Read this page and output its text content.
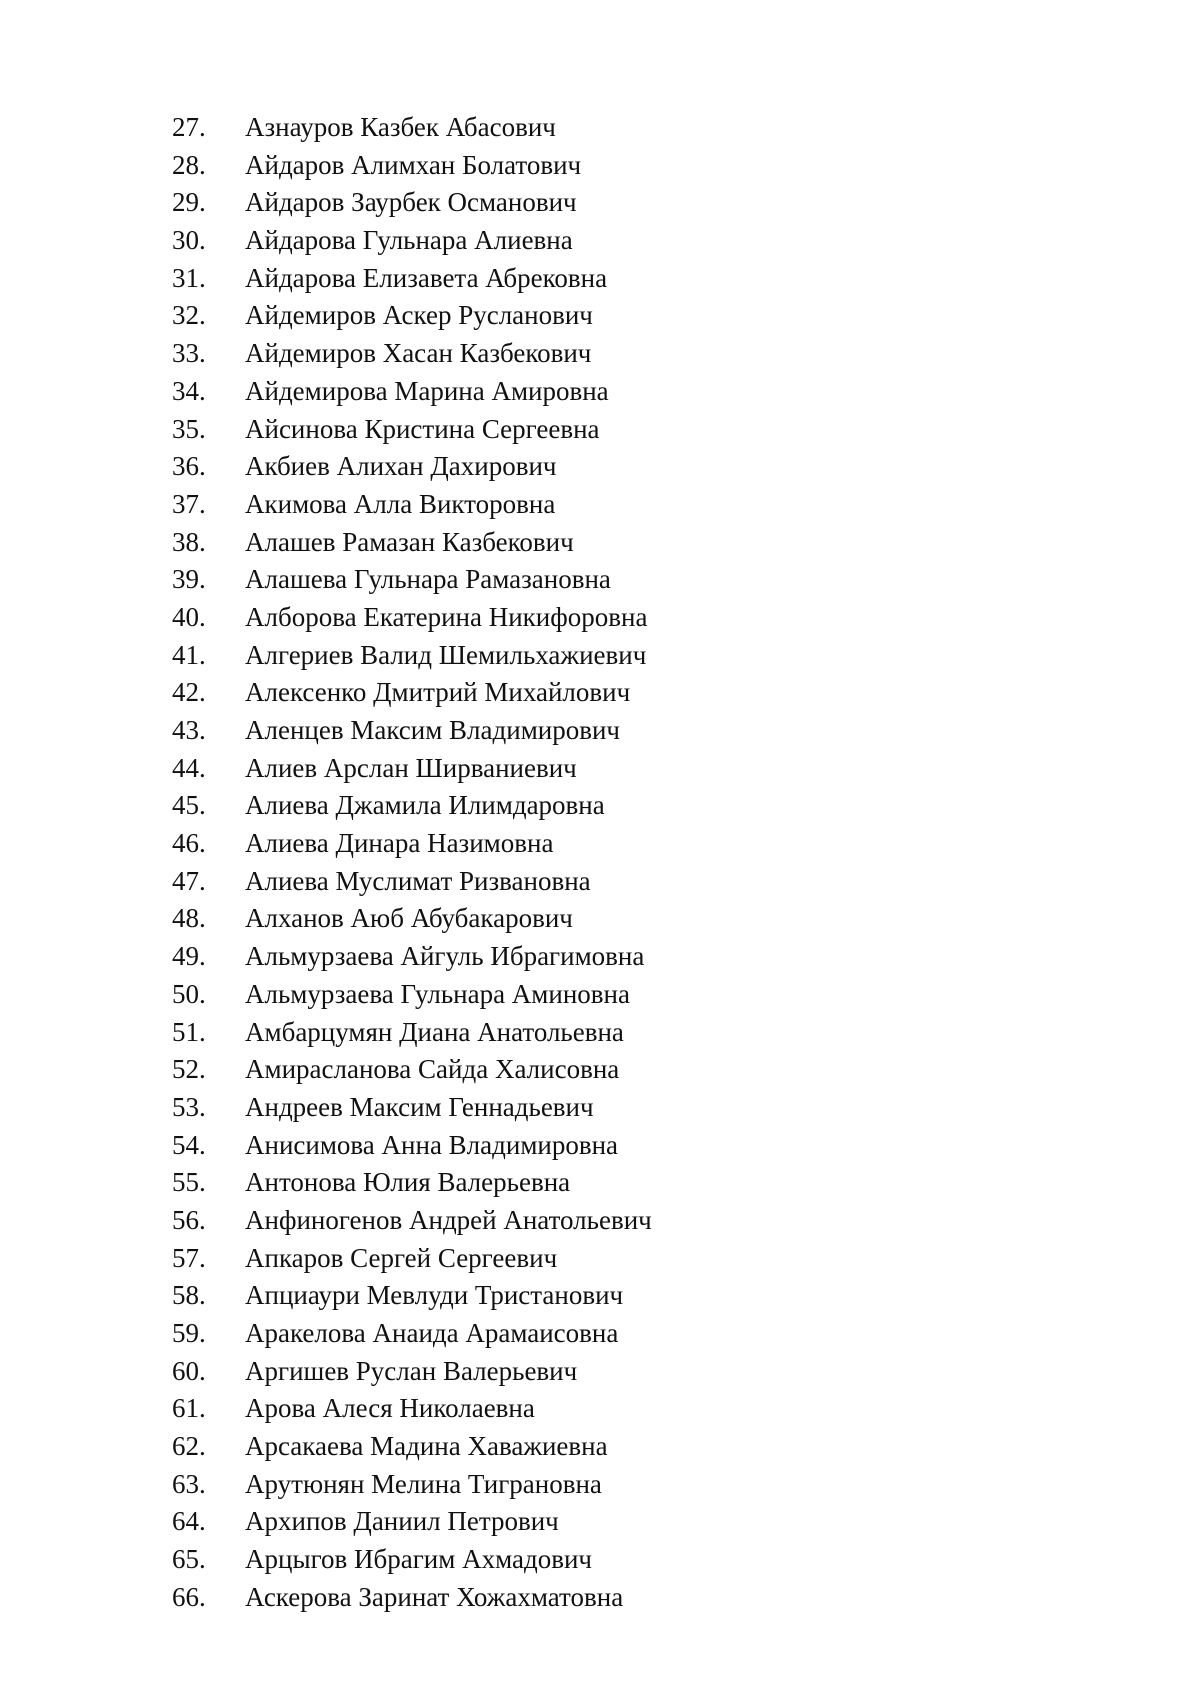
27.	Азнауров Казбек Абасович
28.	Айдаров Алимхан Болатович
29.	Айдаров Заурбек Османович
30.	Айдарова Гульнара Алиевна
31.	Айдарова Елизавета Абрековна
32.	Айдемиров Аскер Русланович
33.	Айдемиров Хасан Казбекович
34.	Айдемирова Марина Амировна
35.	Айсинова Кристина Сергеевна
36.	Акбиев Алихан Дахирович
37.	Акимова Алла Викторовна
38.	Алашев Рамазан Казбекович
39.	Алашева Гульнара Рамазановна
40.	Алборова Екатерина Никифоровна
41.	Алгериев Валид Шемильхажиевич
42.	Алексенко Дмитрий Михайлович
43.	Аленцев Максим Владимирович
44.	Алиев Арслан Ширваниевич
45.	Алиева Джамила Илимдаровна
46.	Алиева Динара Назимовна
47.	Алиева Муслимат Ризвановна
48.	Алханов Аюб Абубакарович
49.	Альмурзаева Айгуль Ибрагимовна
50.	Альмурзаева Гульнара Аминовна
51.	Амбарцумян Диана Анатольевна
52.	Амирасланова Сайда Халисовна
53.	Андреев Максим Геннадьевич
54.	Анисимова Анна Владимировна
55.	Антонова Юлия Валерьевна
56.	Анфиногенов Андрей Анатольевич
57.	Апкаров Сергей Сергеевич
58.	Апциаури Мевлуди Тристанович
59.	Аракелова Анаида Арамаисовна
60.	Аргишев Руслан Валерьевич
61.	Арова Алеся Николаевна
62.	Арсакаева Мадина Хаважиевна
63.	Арутюнян Мелина Тиграновна
64.	Архипов Даниил Петрович
65.	Арцыгов Ибрагим Ахмадович
66.	Аскерова Заринат Хожахматовна
